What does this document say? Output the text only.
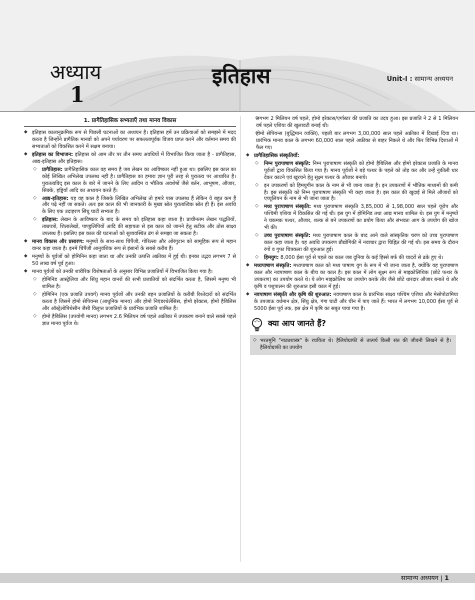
अध्याय
1
इतिहास	Unit-I : सामान्य अध्ययन
1. प्रागैतिहासिक सभ्यताएँ तथा मानव विकास
◆ इतिहास कालानुक्रमिक रूप से पिछली घटनाओं का अध्ययन है। इतिहास हमें उन प्रक्रियाओं को समझने में मदद करता है जिन्होंने प्रागैतिक मानवों को अपने पर्यावरण पर सफलतापूर्वक विजय प्राप्त करने और वर्तमान समय की सभ्यताओं को विकसित करने में सक्षम बनाया।
◆ इतिहास का विभाजन: इतिहास को आम तौर पर तीन समय अवधियों में विभाजित किया जाता है - प्रागैतिहास, आद्य-इतिहास और इतिहास।
◇ प्रागैतिहास: प्रागैतिहासिक काल वह समय है जब लेखन का आविष्कार नहीं हुआ था। इसलिए इस काल का कोई लिखित अभिलेख उपलब्ध नहीं है। प्रागैतिहास का हमारा ज्ञान पूरी तरह से पुरातत्व पर आधारित है। पुरातत्वविद् इस काल के बारे में जानने के लिए आदिम व भौतिक अवशेषों जैसे बर्तन, आभूषण, औजार, सिक्के, हड्डियाँ आदि का अध्ययन करते हैं।
◇ आद्य-इतिहास: यह वह काल है जिसके लिखित अभिलेख तो हमारे पास उपलब्ध हैं लेकिन वे बहुत कम हैं और पढ़े नहीं जा सकते। अतः इस काल की भी जानकारी के मुख्य स्रोत पुरातात्विक स्रोत ही हैं। इस अवधि के लिए एक उदाहरण सिंधु घाटी सभ्यता है।
◇ इतिहास: लेखन के आविष्कार के बाद के समय को इतिहास कहा जाता है। प्राचीनतम लेखन पद्धतियों, ताम्रपत्रों, शिलालेखों, पाण्डुलिपियों आदि की सहायता से इस काल को जानने हेतु सटीक और ठोस साक्ष्य उपलब्ध हैं। इसलिए इस काल की घटनाओं को सुव्यवस्थित ढंग से समझा जा सकता है।
◆ मानव विकास और प्रसारण: मनुष्यों के साथ-साथ चिंपैंजी, गोरिल्ला और ओरंगुटान को सामूहिक रूप से महान वानर कहा जाता है। इनमें चिंपैंजी आनुवंशिक रूप से इंसानों के सबसे करीब हैं।
◆ मनुष्यों के पूर्वजों को होमिनिन कहा जाता था और उनकी उत्पत्ति अफ्रीका में हुई थी। इनका उद्भव लगभग 7 से 50 लाख वर्ष पूर्व हुआ।
◆ मानव पूर्वजों को उनकी शारीरिक विशेषताओं के अनुसार विभिन्न प्रजातियों में विभाजित किया गया है।
◇ होमिनिड आस्ट्रेलिया और सिंधु महान वानरों की सभी प्रजातियों को संदर्भित करता है, जिसमें मनुष्य भी शामिल है।
◇ होमिनिन (एक प्रजाति उपवर्ग) मानव पूर्वजों और उनकी बहन प्रजातियों के करीबी रिश्तेदारों को संदर्भित करता है जिसमें होमो सेपियन्स (आधुनिक मानव) और होमो निएंडरथेलेंसिस, होमो इरेक्टस, होमो हैबिलिस और ऑस्ट्रेलोपिथेसीन जैसी विलुप्त प्रजातियों के प्रारंभिक प्रजाति शामिल हैं।
◇ होमो हैबिलिस (उपयोगी मानव) लगभग 2.6 मिलियन वर्ष पहले अफ्रीका में उपकरण बनाने वाले सबसे पहले ज्ञात मानव पूर्वज थे।
◇ लगभग 2 मिलियन वर्ष पहले, होमो इरेक्टस/एर्गास्टर की प्रजाति का उदय हुआ। इस प्रजाति ने 2 से 1 मिलियन वर्ष पहले एशिया की खुलावटी बनाई थी।
◇ होमो सेपियन्स (बुद्धिमान व्यक्ति), पहली बार लगभग 3,00,000 साल पहले अफ्रीका में दिखाई दिया था। प्रारंभिक मानव काल के लगभग 60,000 साल पहले अफ्रीका से बाहर निकले थे और फिर विभिन्न दिशाओं में फैल गए।
◆ प्रागैतिहासिक संस्कृतियाँ:
◇ निम्न पुरापाषाण संस्कृति: निम्न पुरापाषाण संस्कृति को होमो हैबिलिस और होमो इरेक्टस प्रजाति के मानव पूर्वजों द्वारा विकसित किया गया है। मानव पूर्वजों ने बड़े पत्थर के पहले को तोड़ कर और उन्हें नुकीली धार देकर काटने एवं खुरचने हेतु सूक्ष्म पत्थर के औजार बनाये।
◇ इन उपकरणों को हिमयुगीन काल के नाम से भी जाना जाता है। इन उपकरणों में भौतिक माध्यमों की कमी है। इस संस्कृति को निम्न पुरापाषाण संस्कृति भी कहा जाता है। इस काल की खुदाई से मिले औजारों को एच्यूलियन के नाम से भी जाना जाता है।
◇ मध्य पुरापाषाण संस्कृति: मध्य पुरापाषाण संस्कृति 3,85,000 से 1,98,000 साल पहले यूरोप और पश्चिमी एशिया में विकसित की गई थी। इस युग में होमिनिड तथा आद्य मानव शामिल थे। इस युग में मनुष्यों ने चकमक पत्थर, औजार, शल्क से बने उपकरणों का प्रयोग किया और संभवतः आग के उपयोग की खोज भी की।
◇ उच्च पुरापाषाण संस्कृति: मध्य पुरापाषाण काल के बाद आने वाले सांस्कृतिक चरण को उच्च पुरापाषाण काल कहा जाता है। यह अवधि उपकरण प्रौद्योगिकी में नवाचार द्वारा चिह्नित की गई थी। इस समय के दौरान रंगों व गुफा चित्रकला की शुरुआत हुई।
◇ हिमयुग: 8,000 ईसा पूर्व से पहले का काल जब दुनिया के कई हिस्से बर्फ की चादरों से ढके हुए थे।
◆ मध्यपाषाण संस्कृति: मध्यपाषाण काल को मध्य पाषाण युग के रूप में भी जाना जाता है, क्योंकि यह पुरापाषाण काल और नवपाषाण काल के बीच का काल है। इस काल में लोग सूक्ष्म रूप से माइक्रोलिथिक (छोटे पत्थर के उपकरण) का उपयोग करते थे। ये लोग माइक्रोलिथ का उपयोग करके तीर जैसे छोटे धारदार औजार बनाते थे और कृषि व पशुपालन की शुरुआत इसी काल में हुई।
◆ नवपाषाण संस्कृति और कृषि की शुरुआत: नवपाषाण काल के प्रारंभिक साक्ष्य पश्चिम एशिया और मेसोपोटामिया के उपजाऊ वर्धमान क्षेत्र, सिंधु क्षेत्र, गंगा घाटी और चीन में पाए जाते हैं। भारत में लगभग 10,000 ईसा पूर्व से 5000 ईसा पूर्व तक, इस क्षेत्र में कृषि का सबूत पाया गया है।
क्या आप जानते हैं?
◇ भरतमुनि "नाट्यशास्त्र" के रचयिता थे। हैलियोग्राफी से तात्पर्य किसी संत की जीवनी लिखने से है। हैलियोग्राफी का उपयोग
सामान्य अध्ययन | 1
